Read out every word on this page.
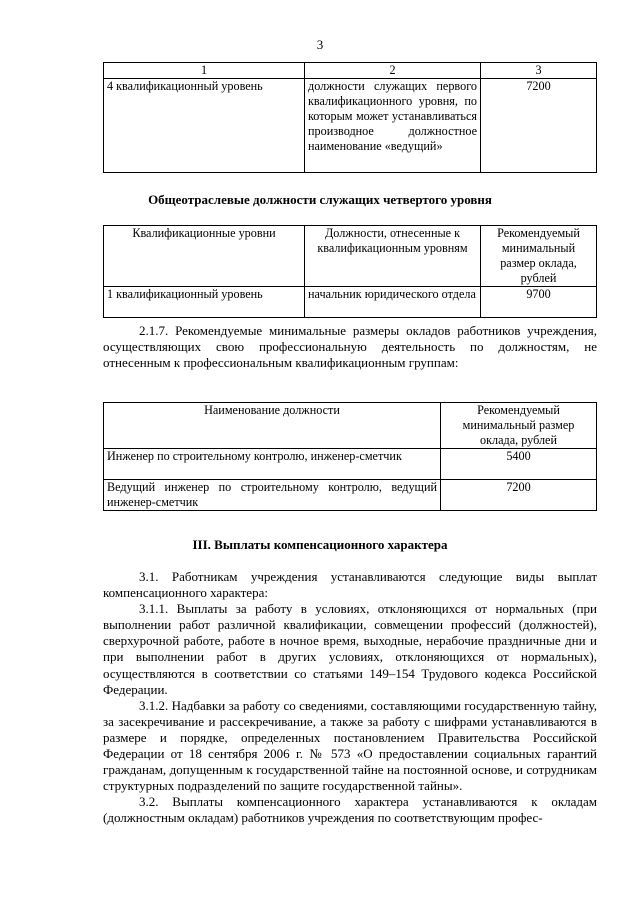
3
1	2	3
4 квалификационный уровень	должности служащих первого квалификационного уровня, по которым может устанавливаться производное должностное наименование «ведущий»	7200
Общеотраслевые должности служащих четвертого уровня
Квалификационные уровни	Должности, отнесенные к квалификационным уровням	Рекомендуемый минимальный размер оклада, рублей
1 квалификационный уровень	начальник юридического отдела	9700

2.1.7. Рекомендуемые минимальные размеры окладов работников учреждения, осуществляющих свою профессиональную деятельность по должностям, не отнесенным к профессиональным квалификационным группам:

Наименование должности	Рекомендуемый минимальный размер оклада, рублей
Инженер по строительному контролю, инженер-сметчик	5400
Ведущий инженер по строительному контролю, ведущий инженер-сметчик	7200
III. Выплаты компенсационного характера

3.1. Работникам учреждения устанавливаются следующие виды выплат компенсационного характера:

3.1.1. Выплаты за работу в условиях, отклоняющихся от нормальных (при выполнении работ различной квалификации, совмещении профессий (должностей), сверхурочной работе, работе в ночное время, выходные, нерабочие праздничные дни и при выполнении работ в других условиях, отклоняющихся от нормальных), осуществляются в соответствии со статьями 149–154 Трудового кодекса Российской Федерации.

3.1.2. Надбавки за работу со сведениями, составляющими государственную тайну, за засекречивание и рассекречивание, а также за работу с шифрами устанавливаются в размере и порядке, определенных постановлением Правительства Российской Федерации от 18 сентября 2006 г. № 573 «О предоставлении социальных гарантий гражданам, допущенным к государственной тайне на постоянной основе, и сотрудникам структурных подразделений по защите государственной тайны».

3.2. Выплаты компенсационного характера устанавливаются к окладам (должностным окладам) работников учреждения по соответствующим профес-
